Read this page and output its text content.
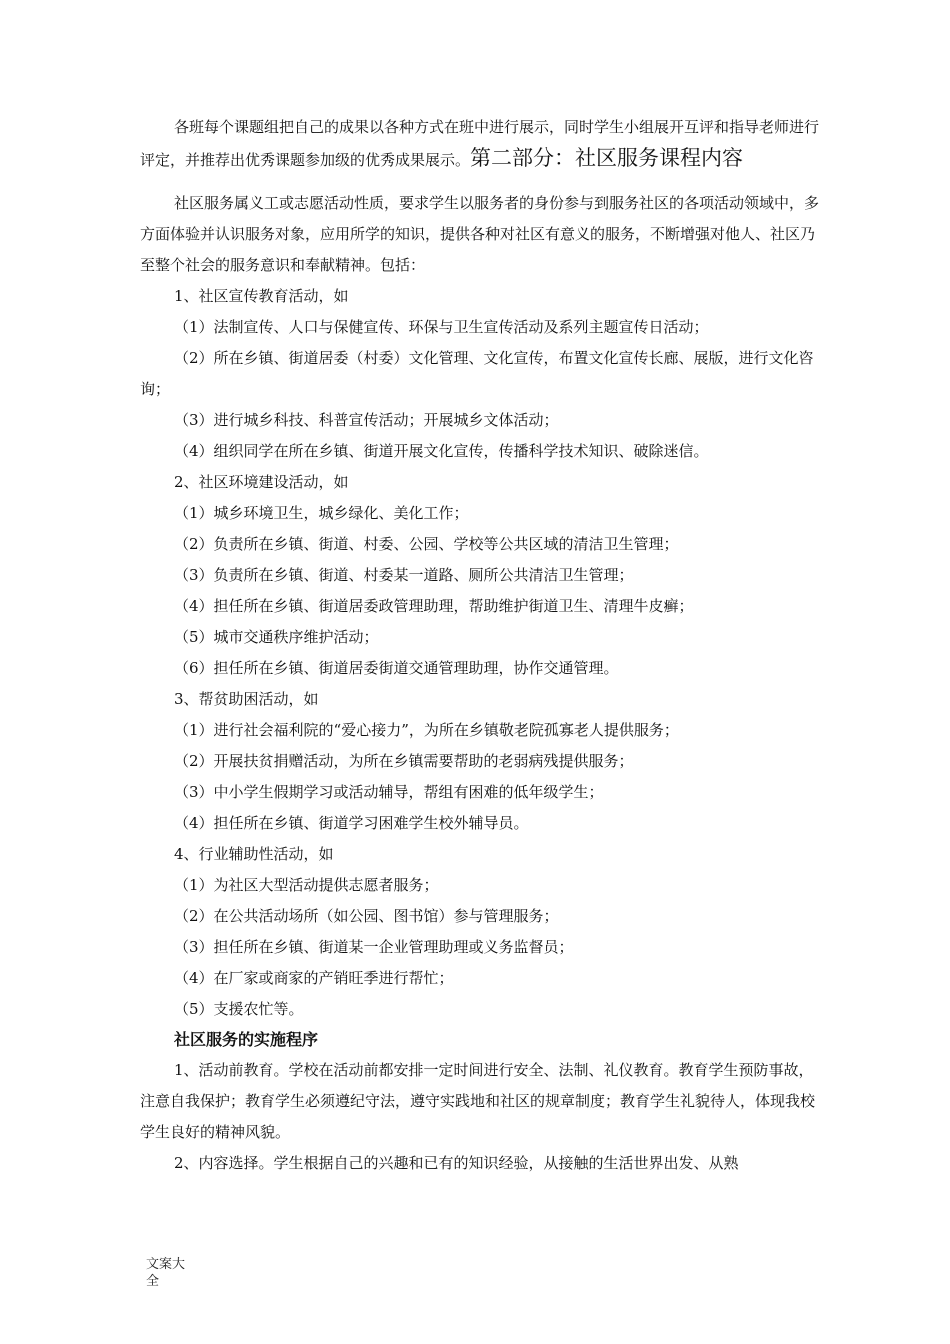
各班每个课题组把自己的成果以各种方式在班中进行展示，同时学生小组展开互评和指导老师进行评定，并推荐出优秀课题参加级的优秀成果展示。第二部分：社区服务课程内容

社区服务属义工或志愿活动性质，要求学生以服务者的身份参与到服务社区的各项活动领域中，多方面体验并认识服务对象，应用所学的知识，提供各种对社区有意义的服务，不断增强对他人、社区乃至整个社会的服务意识和奉献精神。包括：

1、社区宣传教育活动，如

（1）法制宣传、人口与保健宣传、环保与卫生宣传活动及系列主题宣传日活动；

（2）所在乡镇、街道居委（村委）文化管理、文化宣传，布置文化宣传长廊、展版，进行文化咨询；

（3）进行城乡科技、科普宣传活动；开展城乡文体活动；

（4）组织同学在所在乡镇、街道开展文化宣传，传播科学技术知识、破除迷信。

2、社区环境建设活动，如

（1）城乡环境卫生，城乡绿化、美化工作；

（2）负责所在乡镇、街道、村委、公园、学校等公共区域的清洁卫生管理；

（3）负责所在乡镇、街道、村委某一道路、厕所公共清洁卫生管理；

（4）担任所在乡镇、街道居委政管理助理，帮助维护街道卫生、清理牛皮癣；

（5）城市交通秩序维护活动；

（6）担任所在乡镇、街道居委街道交通管理助理，协作交通管理。

3、帮贫助困活动，如

（1）进行社会福利院的“爱心接力”，为所在乡镇敬老院孤寡老人提供服务；

（2）开展扶贫捐赠活动，为所在乡镇需要帮助的老弱病残提供服务；

（3）中小学生假期学习或活动辅导，帮组有困难的低年级学生；

（4）担任所在乡镇、街道学习困难学生校外辅导员。

4、行业辅助性活动，如

（1）为社区大型活动提供志愿者服务；

（2）在公共活动场所（如公园、图书馆）参与管理服务；

（3）担任所在乡镇、街道某一企业管理助理或义务监督员；

（4）在厂家或商家的产销旺季进行帮忙；

（5）支援农忙等。

社区服务的实施程序

1、活动前教育。学校在活动前都安排一定时间进行安全、法制、礼仪教育。教育学生预防事故，注意自我保护；教育学生必须遵纪守法，遵守实践地和社区的规章制度；教育学生礼貌待人，体现我校学生良好的精神风貌。

2、内容选择。学生根据自己的兴趣和已有的知识经验，从接触的生活世界出发、从熟

文案大全
